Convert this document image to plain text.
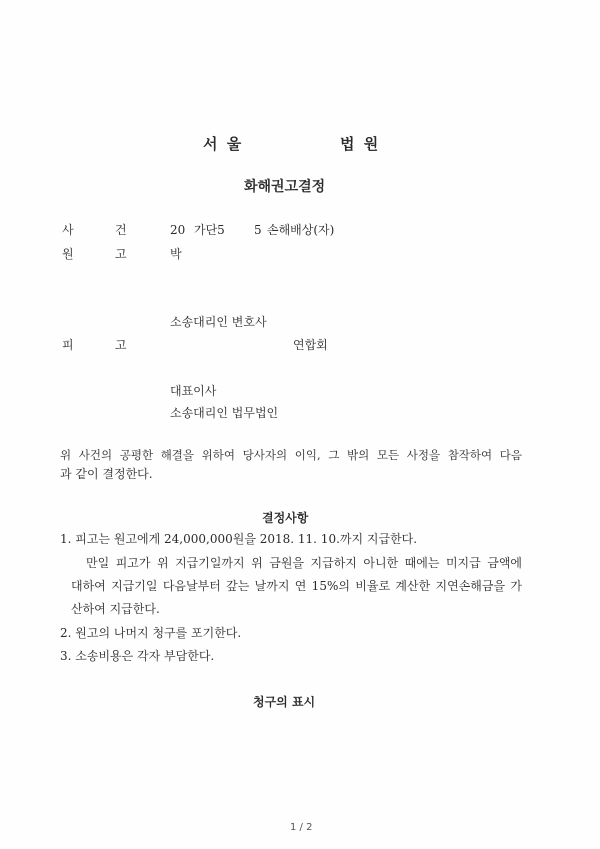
서 울	법 원
화해권고결정
사	건	20 가단5 5 손해배상(자)
원	고	박
소송대리인 변호사
피	고	연합회
대표이사
소송대리인 법무법인
위 사건의 공평한 해결을 위하여 당사자의 이익, 그 밖의 모든 사정을 참작하여 다음
과 같이 결정한다.
결정사항
1. 피고는 원고에게 24,000,000원을 2018. 11. 10.까지 지급한다.
만일 피고가 위 지급기일까지 위 금원을 지급하지 아니한 때에는 미지급 금액에
대하여 지급기일 다음날부터 갚는 날까지 연 15%의 비율로 계산한 지연손해금을 가
산하여 지급한다.
2. 원고의 나머지 청구를 포기한다.
3. 소송비용은 각자 부담한다.
청구의 표시
1 / 2
